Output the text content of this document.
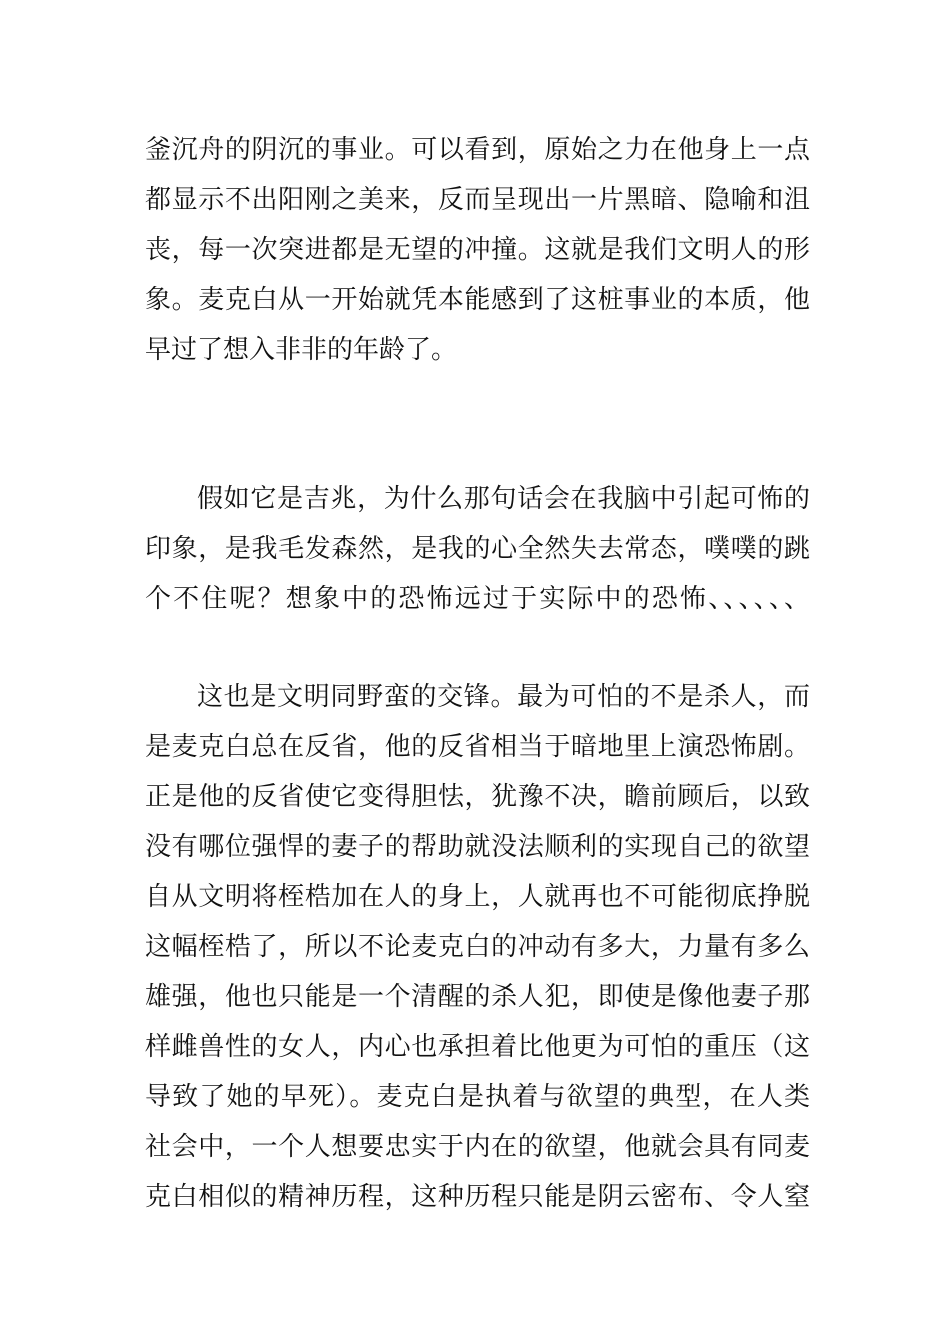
釜沉舟的阴沉的事业。可以看到，原始之力在他身上一点

都显示不出阳刚之美来，反而呈现出一片黑暗、隐喻和沮

丧，每一次突进都是无望的冲撞。这就是我们文明人的形

象。麦克白从一开始就凭本能感到了这桩事业的本质，他

早过了想入非非的年龄了。

假如它是吉兆，为什么那句话会在我脑中引起可怖的

印象，是我毛发森然，是我的心全然失去常态，噗噗的跳

个不住呢？想象中的恐怖远过于实际中的恐怖、、、、、、

这也是文明同野蛮的交锋。最为可怕的不是杀人，而

是麦克白总在反省，他的反省相当于暗地里上演恐怖剧。

正是他的反省使它变得胆怯，犹豫不决，瞻前顾后，以致

没有哪位强悍的妻子的帮助就没法顺利的实现自己的欲望

自从文明将桎梏加在人的身上，人就再也不可能彻底挣脱

这幅桎梏了，所以不论麦克白的冲动有多大，力量有多么

雄强，他也只能是一个清醒的杀人犯，即使是像他妻子那

样雌兽性的女人，内心也承担着比他更为可怕的重压（这

导致了她的早死）。麦克白是执着与欲望的典型，在人类

社会中，一个人想要忠实于内在的欲望，他就会具有同麦

克白相似的精神历程，这种历程只能是阴云密布、令人窒
